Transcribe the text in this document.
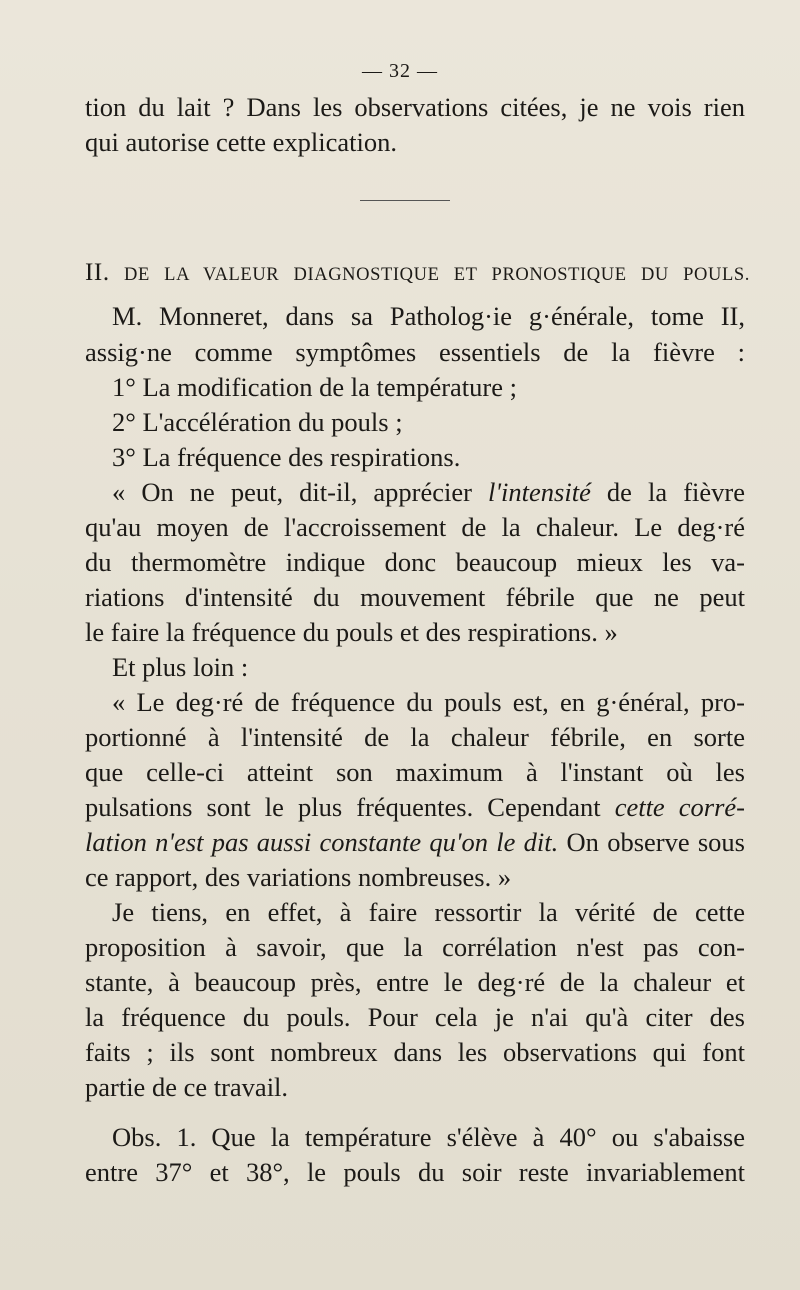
— 32 —
tion du lait ? Dans les observations citées, je ne vois rien
qui autorise cette explication.
II. DE LA VALEUR DIAGNOSTIQUE ET PRONOSTIQUE DU POULS.
M. Monneret, dans sa Patholog·ie g·énérale, tome II,
assig·ne comme symptômes essentiels de la fièvre :
1° La modification de la température ;
2° L'accélération du pouls ;
3° La fréquence des respirations.
« On ne peut, dit-il, apprécier l'intensité de la fièvre
qu'au moyen de l'accroissement de la chaleur. Le deg·ré
du thermomètre indique donc beaucoup mieux les va-
riations d'intensité du mouvement fébrile que ne peut
le faire la fréquence du pouls et des respirations. »
Et plus loin :
« Le deg·ré de fréquence du pouls est, en g·énéral, pro-
portionné à l'intensité de la chaleur fébrile, en sorte
que celle-ci atteint son maximum à l'instant où les
pulsations sont le plus fréquentes. Cependant cette corré-
lation n'est pas aussi constante qu'on le dit. On observe sous
ce rapport, des variations nombreuses. »
Je tiens, en effet, à faire ressortir la vérité de cette
proposition à savoir, que la corrélation n'est pas con-
stante, à beaucoup près, entre le deg·ré de la chaleur et
la fréquence du pouls. Pour cela je n'ai qu'à citer des
faits ; ils sont nombreux dans les observations qui font
partie de ce travail.
Obs. 1. Que la température s'élève à 40° ou s'abaisse
entre 37° et 38°, le pouls du soir reste invariablement
